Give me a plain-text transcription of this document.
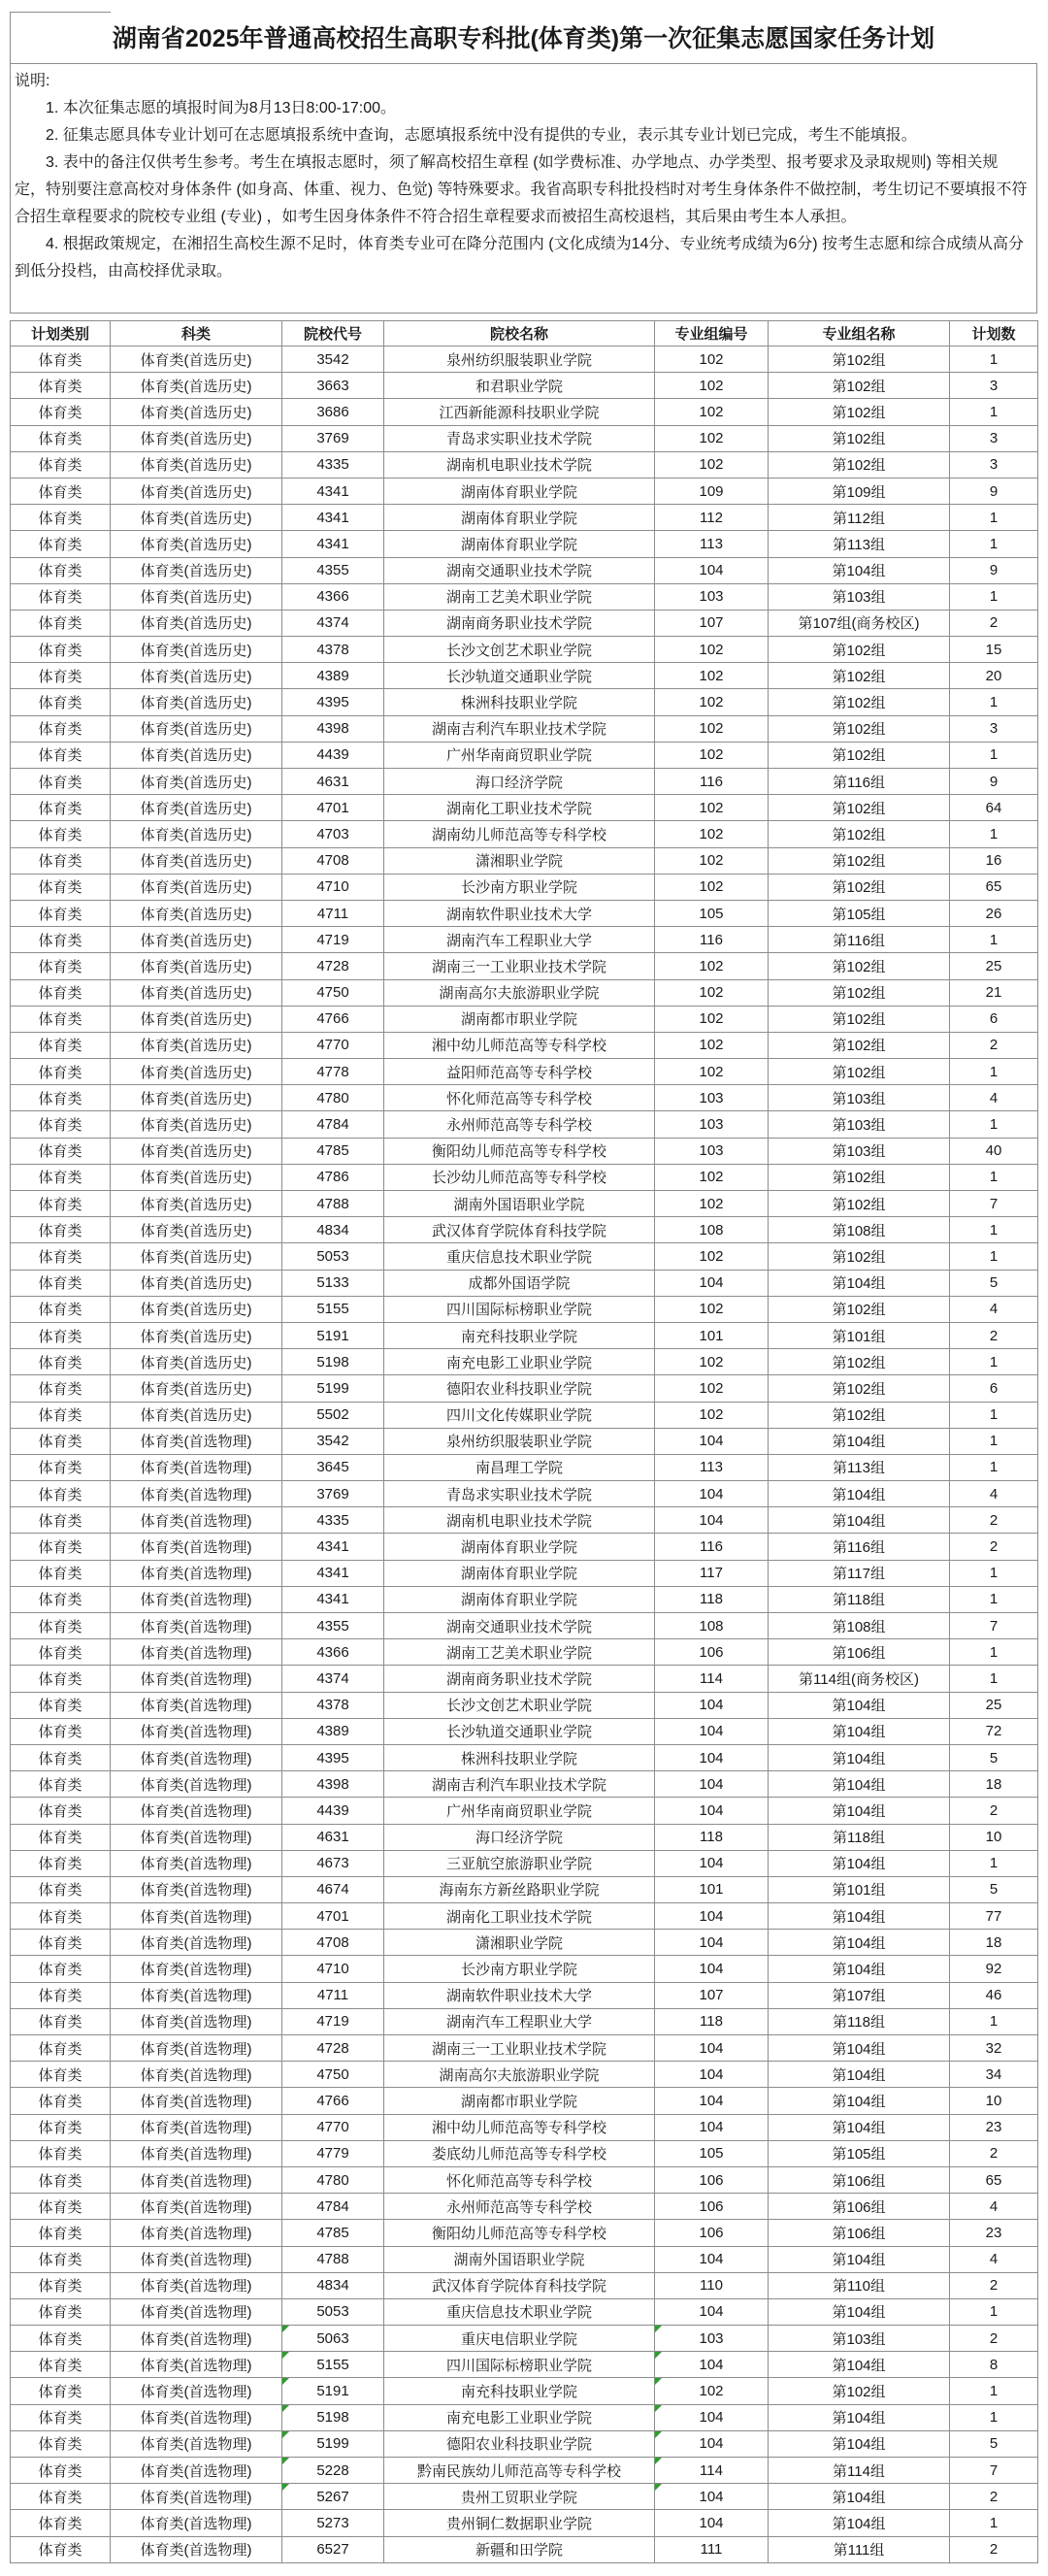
湖南省2025年普通高校招生高职专科批(体育类)第一次征集志愿国家任务计划

说明:

1. 本次征集志愿的填报时间为8月13日8:00-17:00。

2. 征集志愿具体专业计划可在志愿填报系统中查询，志愿填报系统中没有提供的专业，表示其专业计划已完成，考生不能填报。

3. 表中的备注仅供考生参考。考生在填报志愿时，须了解高校招生章程 (如学费标准、办学地点、办学类型、报考要求及录取规则) 等相关规定，特别要注意高校对身体条件 (如身高、体重、视力、色觉) 等特殊要求。我省高职专科批投档时对考生身体条件不做控制，考生切记不要填报不符合招生章程要求的院校专业组 (专业) ，如考生因身体条件不符合招生章程要求而被招生高校退档，其后果由考生本人承担。

4. 根据政策规定，在湘招生高校生源不足时，体育类专业可在降分范围内 (文化成绩为14分、专业统考成绩为6分) 按考生志愿和综合成绩从高分到低分投档，由高校择优录取。

计划类别	科类	院校代号	院校名称	专业组编号	专业组名称	计划数
体育类	体育类(首选历史)	3542	泉州纺织服装职业学院	102	第102组	1
体育类	体育类(首选历史)	3663	和君职业学院	102	第102组	3
体育类	体育类(首选历史)	3686	江西新能源科技职业学院	102	第102组	1
体育类	体育类(首选历史)	3769	青岛求实职业技术学院	102	第102组	3
体育类	体育类(首选历史)	4335	湖南机电职业技术学院	102	第102组	3
体育类	体育类(首选历史)	4341	湖南体育职业学院	109	第109组	9
体育类	体育类(首选历史)	4341	湖南体育职业学院	112	第112组	1
体育类	体育类(首选历史)	4341	湖南体育职业学院	113	第113组	1
体育类	体育类(首选历史)	4355	湖南交通职业技术学院	104	第104组	9
体育类	体育类(首选历史)	4366	湖南工艺美术职业学院	103	第103组	1
体育类	体育类(首选历史)	4374	湖南商务职业技术学院	107	第107组(商务校区)	2
体育类	体育类(首选历史)	4378	长沙文创艺术职业学院	102	第102组	15
体育类	体育类(首选历史)	4389	长沙轨道交通职业学院	102	第102组	20
体育类	体育类(首选历史)	4395	株洲科技职业学院	102	第102组	1
体育类	体育类(首选历史)	4398	湖南吉利汽车职业技术学院	102	第102组	3
体育类	体育类(首选历史)	4439	广州华南商贸职业学院	102	第102组	1
体育类	体育类(首选历史)	4631	海口经济学院	116	第116组	9
体育类	体育类(首选历史)	4701	湖南化工职业技术学院	102	第102组	64
体育类	体育类(首选历史)	4703	湖南幼儿师范高等专科学校	102	第102组	1
体育类	体育类(首选历史)	4708	潇湘职业学院	102	第102组	16
体育类	体育类(首选历史)	4710	长沙南方职业学院	102	第102组	65
体育类	体育类(首选历史)	4711	湖南软件职业技术大学	105	第105组	26
体育类	体育类(首选历史)	4719	湖南汽车工程职业大学	116	第116组	1
体育类	体育类(首选历史)	4728	湖南三一工业职业技术学院	102	第102组	25
体育类	体育类(首选历史)	4750	湖南高尔夫旅游职业学院	102	第102组	21
体育类	体育类(首选历史)	4766	湖南都市职业学院	102	第102组	6
体育类	体育类(首选历史)	4770	湘中幼儿师范高等专科学校	102	第102组	2
体育类	体育类(首选历史)	4778	益阳师范高等专科学校	102	第102组	1
体育类	体育类(首选历史)	4780	怀化师范高等专科学校	103	第103组	4
体育类	体育类(首选历史)	4784	永州师范高等专科学校	103	第103组	1
体育类	体育类(首选历史)	4785	衡阳幼儿师范高等专科学校	103	第103组	40
体育类	体育类(首选历史)	4786	长沙幼儿师范高等专科学校	102	第102组	1
体育类	体育类(首选历史)	4788	湖南外国语职业学院	102	第102组	7
体育类	体育类(首选历史)	4834	武汉体育学院体育科技学院	108	第108组	1
体育类	体育类(首选历史)	5053	重庆信息技术职业学院	102	第102组	1
体育类	体育类(首选历史)	5133	成都外国语学院	104	第104组	5
体育类	体育类(首选历史)	5155	四川国际标榜职业学院	102	第102组	4
体育类	体育类(首选历史)	5191	南充科技职业学院	101	第101组	2
体育类	体育类(首选历史)	5198	南充电影工业职业学院	102	第102组	1
体育类	体育类(首选历史)	5199	德阳农业科技职业学院	102	第102组	6
体育类	体育类(首选历史)	5502	四川文化传媒职业学院	102	第102组	1
体育类	体育类(首选物理)	3542	泉州纺织服装职业学院	104	第104组	1
体育类	体育类(首选物理)	3645	南昌理工学院	113	第113组	1
体育类	体育类(首选物理)	3769	青岛求实职业技术学院	104	第104组	4
体育类	体育类(首选物理)	4335	湖南机电职业技术学院	104	第104组	2
体育类	体育类(首选物理)	4341	湖南体育职业学院	116	第116组	2
体育类	体育类(首选物理)	4341	湖南体育职业学院	117	第117组	1
体育类	体育类(首选物理)	4341	湖南体育职业学院	118	第118组	1
体育类	体育类(首选物理)	4355	湖南交通职业技术学院	108	第108组	7
体育类	体育类(首选物理)	4366	湖南工艺美术职业学院	106	第106组	1
体育类	体育类(首选物理)	4374	湖南商务职业技术学院	114	第114组(商务校区)	1
体育类	体育类(首选物理)	4378	长沙文创艺术职业学院	104	第104组	25
体育类	体育类(首选物理)	4389	长沙轨道交通职业学院	104	第104组	72
体育类	体育类(首选物理)	4395	株洲科技职业学院	104	第104组	5
体育类	体育类(首选物理)	4398	湖南吉利汽车职业技术学院	104	第104组	18
体育类	体育类(首选物理)	4439	广州华南商贸职业学院	104	第104组	2
体育类	体育类(首选物理)	4631	海口经济学院	118	第118组	10
体育类	体育类(首选物理)	4673	三亚航空旅游职业学院	104	第104组	1
体育类	体育类(首选物理)	4674	海南东方新丝路职业学院	101	第101组	5
体育类	体育类(首选物理)	4701	湖南化工职业技术学院	104	第104组	77
体育类	体育类(首选物理)	4708	潇湘职业学院	104	第104组	18
体育类	体育类(首选物理)	4710	长沙南方职业学院	104	第104组	92
体育类	体育类(首选物理)	4711	湖南软件职业技术大学	107	第107组	46
体育类	体育类(首选物理)	4719	湖南汽车工程职业大学	118	第118组	1
体育类	体育类(首选物理)	4728	湖南三一工业职业技术学院	104	第104组	32
体育类	体育类(首选物理)	4750	湖南高尔夫旅游职业学院	104	第104组	34
体育类	体育类(首选物理)	4766	湖南都市职业学院	104	第104组	10
体育类	体育类(首选物理)	4770	湘中幼儿师范高等专科学校	104	第104组	23
体育类	体育类(首选物理)	4779	娄底幼儿师范高等专科学校	105	第105组	2
体育类	体育类(首选物理)	4780	怀化师范高等专科学校	106	第106组	65
体育类	体育类(首选物理)	4784	永州师范高等专科学校	106	第106组	4
体育类	体育类(首选物理)	4785	衡阳幼儿师范高等专科学校	106	第106组	23
体育类	体育类(首选物理)	4788	湖南外国语职业学院	104	第104组	4
体育类	体育类(首选物理)	4834	武汉体育学院体育科技学院	110	第110组	2
体育类	体育类(首选物理)	5053	重庆信息技术职业学院	104	第104组	1
体育类	体育类(首选物理)	5063	重庆电信职业学院	103	第103组	2
体育类	体育类(首选物理)	5155	四川国际标榜职业学院	104	第104组	8
体育类	体育类(首选物理)	5191	南充科技职业学院	102	第102组	1
体育类	体育类(首选物理)	5198	南充电影工业职业学院	104	第104组	1
体育类	体育类(首选物理)	5199	德阳农业科技职业学院	104	第104组	5
体育类	体育类(首选物理)	5228	黔南民族幼儿师范高等专科学校	114	第114组	7
体育类	体育类(首选物理)	5267	贵州工贸职业学院	104	第104组	2
体育类	体育类(首选物理)	5273	贵州铜仁数据职业学院	104	第104组	1
体育类	体育类(首选物理)	6527	新疆和田学院	111	第111组	2
